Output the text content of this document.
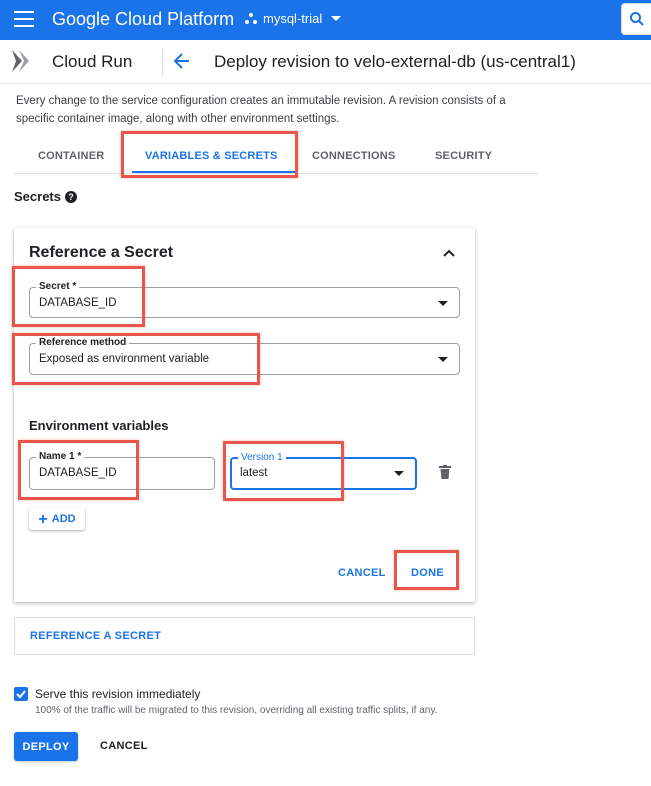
Google Cloud Platform mysql-trial
Cloud Run	Deploy revision to velo-external-db (us-central1)
Every change to the service configuration creates an immutable revision. A revision consists of a specific container image, along with other environment settings.
CONTAINER	VARIABLES & SECRETS	CONNECTIONS	SECURITY
Secrets ?
Reference a Secret
Secret *
DATABASE_ID
Reference method
Exposed as environment variable
Environment variables
Name 1 *
DATABASE_ID
Version 1
latest
+ ADD
CANCEL DONE
REFERENCE A SECRET
Serve this revision immediately
100% of the traffic will be migrated to this revision, overriding all existing traffic splits, if any.
DEPLOY	CANCEL
